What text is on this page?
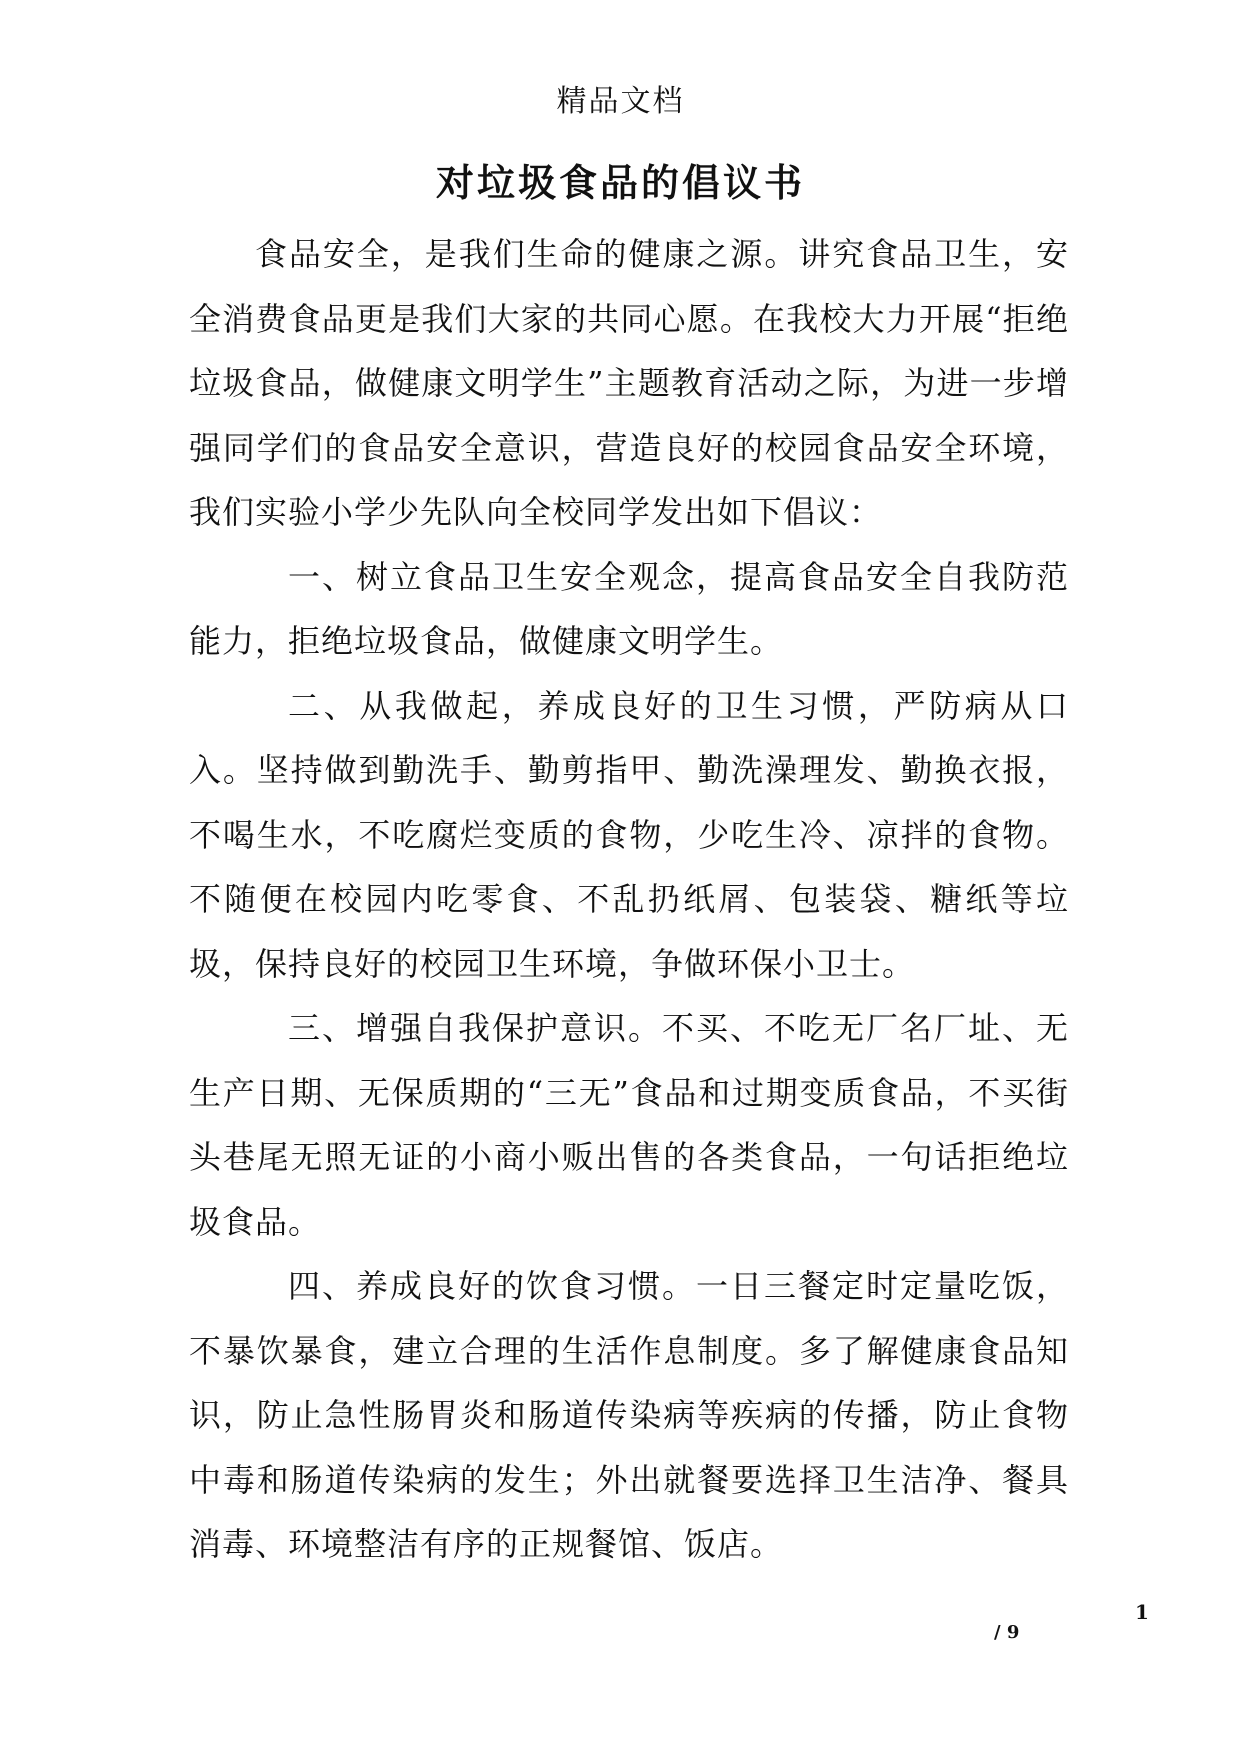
精品文档
对垃圾食品的倡议书

食品安全，是我们生命的健康之源。讲究食品卫生，安全消费食品更是我们大家的共同心愿。在我校大力开展“拒绝垃圾食品，做健康文明学生”主题教育活动之际，为进一步增强同学们的食品安全意识，营造良好的校园食品安全环境，我们实验小学少先队向全校同学发出如下倡议：

一、树立食品卫生安全观念，提高食品安全自我防范能力，拒绝垃圾食品，做健康文明学生。

二、从我做起，养成良好的卫生习惯，严防病从口入。坚持做到勤洗手、勤剪指甲、勤洗澡理发、勤换衣报，不喝生水，不吃腐烂变质的食物，少吃生冷、凉拌的食物。不随便在校园内吃零食、不乱扔纸屑、包装袋、糖纸等垃圾，保持良好的校园卫生环境，争做环保小卫士。

三、增强自我保护意识。不买、不吃无厂名厂址、无生产日期、无保质期的“三无”食品和过期变质食品，不买街头巷尾无照无证的小商小贩出售的各类食品，一句话拒绝垃圾食品。

四、养成良好的饮食习惯。一日三餐定时定量吃饭，不暴饮暴食，建立合理的生活作息制度。多了解健康食品知识，防止急性肠胃炎和肠道传染病等疾病的传播，防止食物中毒和肠道传染病的发生；外出就餐要选择卫生洁净、餐具消毒、环境整洁有序的正规餐馆、饭店。

1
/ 9
